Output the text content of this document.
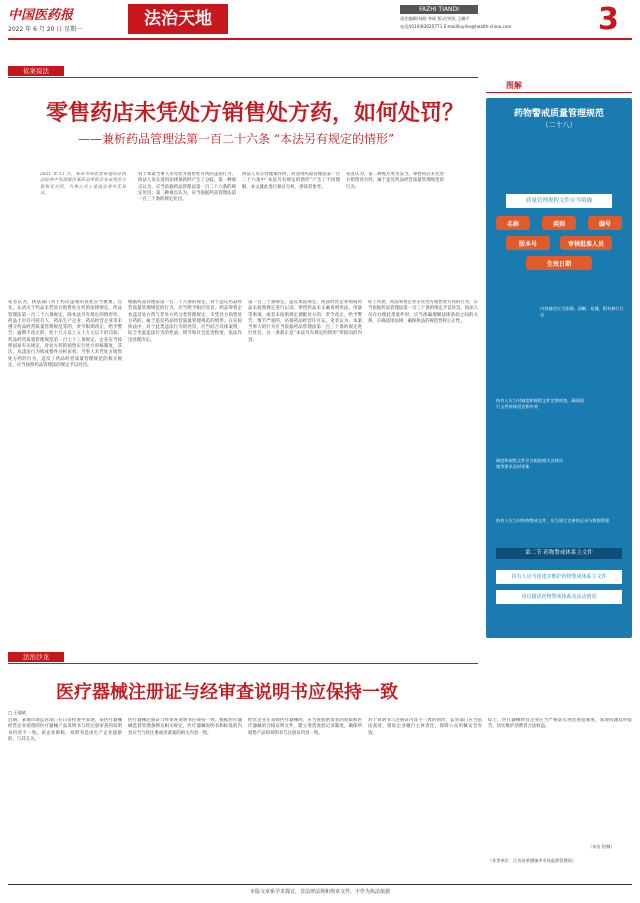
中国医药报
2022 年 6 月 20 日 星期一
法治天地	FAZHI TIANDI
责任编辑/刘皓 李硕 版式/荣恒 王璐平
电话/(010)83025771 E-mail/luyihe@health-china.com	3
依案说法
零售药店未凭处方销售处方药，如何处罚？
——兼析药品管理法第一百二十六条 “本法另有规定的情形”
2021 年 11 月，某县市场监督管理局在执法检查中发现辖区某药品零售企业未凭处方销售处方药，当事人对上述违法事实无异议。
对于本案当事人未凭处方销售处方药的违法行为，执法人员在适用法律条款时产生了分歧。第一种观点认为，应当依据药品管理法第一百二十六条的规定处罚；第二种观点认为，应当依据药品管理法第一百三十条的规定处罚。
执法人员在处理案件时，对适用药品管理法第一百二十六条中“本法另有规定的情形”产生了不同理解，本文就此进行探讨分析，供读者参考。
笔者认为，第二种观点更为妥当。零售药店未凭处方销售处方药，属于违反药品经营质量管理规范的行为。
笔者认为，执法部门对于药店违规的查处应当慎重。首先，认清关于药品未凭处方销售处方药的法律规定。药品管理法第一百二十六条规定，除本法另有规定的情形外，药品上市许可持有人、药品生产企业、药品经营企业等未遵守药品经营质量管理规范等的，责令限期改正，给予警告；逾期不改正的，处十万元以上五十万元以下的罚款。药品经营质量管理规范第一百七十三条规定，企业应当按照国家有关规定，对处方药的销售实行处方审核制度。其次，从违法行为构成要件分析来看。当事人未凭处方销售处方药的行为，违反了药品经营质量管理规范的相关规定，应当按照药品管理法的规定予以处罚。
根据药品管理法第一百二十六条的规定，对于违反药品经营质量管理规范的行为，应当给予相应处罚。药品零售企业违反处方药与非处方药分类管理规定，未凭处方销售处方药的，属于违反药品经营质量管理规范的情形。在实际执法中，对于此类违法行为的处罚，应当结合具体案情，综合考虑违法行为的性质、情节和社会危害程度，依法作出处理决定。
第一百三十条规定，违反本法规定，药品经营企业购销药品未按照规定进行记录，零售药品未正确说明用法、用量等事项，或者未按照规定调配处方的，责令改正，给予警告；情节严重的，吊销药品经营许可证。笔者认为，本案当事人的行为应当依据药品管理法第一百三十条的规定进行处罚，这一条款正是“本法另有规定的情形”所指向的内容。
综上所述，药品零售企业未凭处方销售处方药的行为，应当依据药品管理法第一百三十条的规定予以处罚。执法人员在办理此类案件时，应当准确理解法律条款之间的关系，正确适用法律，确保执法的规范性和公正性。
图解
药物警戒质量管理规范
（二十八）
质量管理规程文件应当明确
名称	类别	编号
版本号	审核批准人员
生效日期
内容描述应当准确、清晰、易懂，附有修订日志
持有人应当对制度和规程文件定期审查，确保现行文件持续适宜和有效
制度和规程文件应当根据相关法律法规等要求及时更新
持有人应当对药物警戒文件，应当建立完善的记录与数据管理
第二节 药物警戒体系主文件
持有人应当创建并维护药物警戒体系主文件
用以描述药物警戒体系及活动情况
法治沙龙
医疗器械注册证与经审查说明书应保持一致
□ 王瑜婧
近期，某地市场监管部门在日常检查中发现，某医疗器械经营企业销售的医疗器械产品说明书与经注册审查的说明书内容不一致。该企业辩称，说明书是由生产企业提供的，与其无关。
医疗器械注册证与经审查说明书应保持一致。根据医疗器械监督管理条例及相关规定，医疗器械说明书和标签的内容应当与经注册或者备案的相关内容一致。
经营企业在采购医疗器械时，应当查验供货者的资质和医疗器械的合格证明文件，建立进货查验记录制度，确保所销售产品的说明书与注册证内容一致。
对于说明书与注册证内容不一致的情形，监管部门应当依法查处，督促企业履行主体责任，保障公众用械安全有效。
综上，医疗器械经营企业应当严格落实进货查验制度，发现问题及时报告，切实维护消费者合法权益。
（作者单位：江西省景德镇市市场监督管理局）
（宋亮 绘制）
本版文章系学术探讨，非法律法规和规章文件，不作为执法依据
